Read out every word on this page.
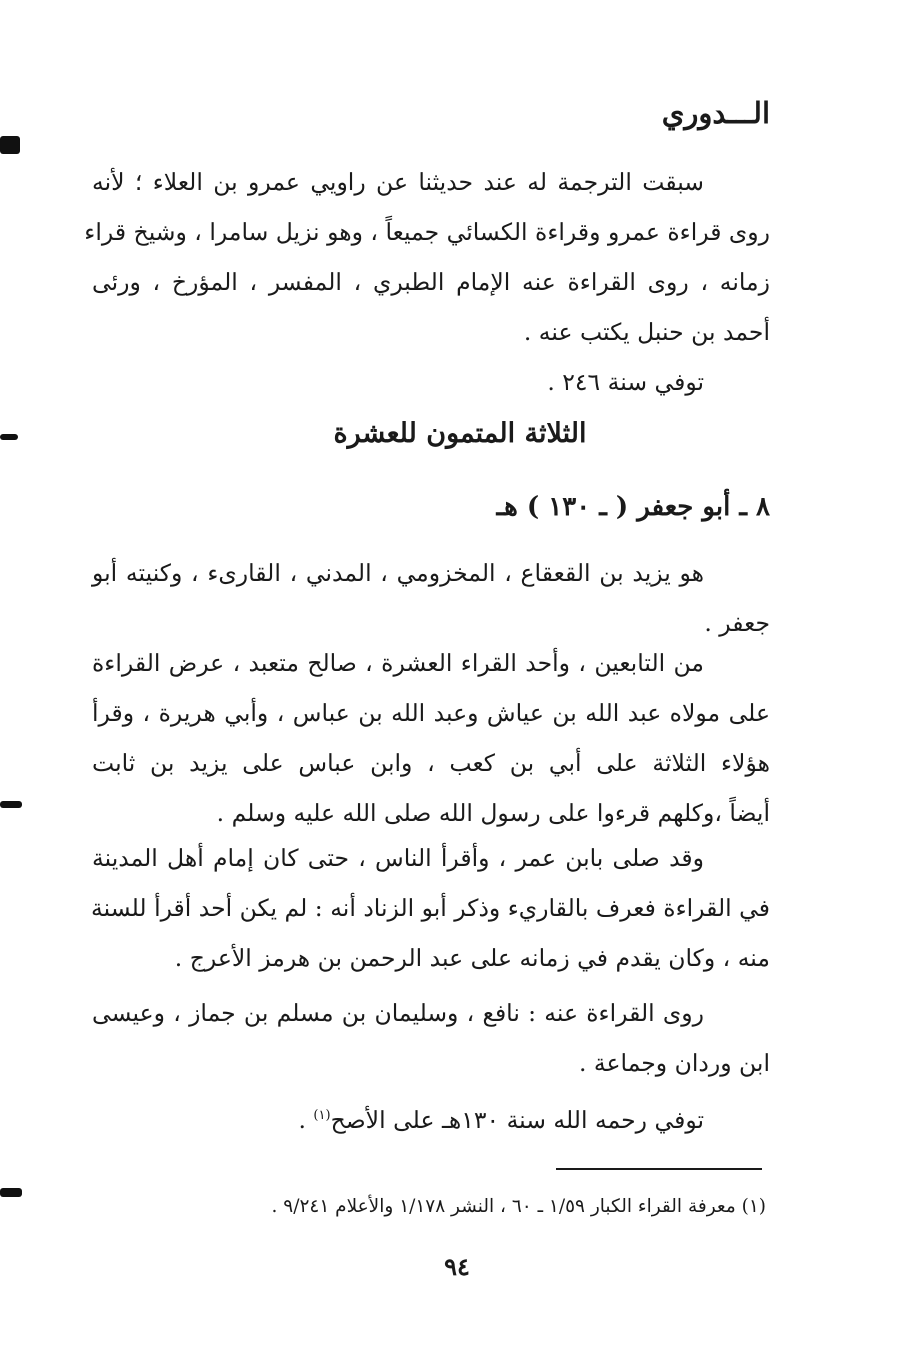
الـــدوري
سبقت الترجمة له عند حديثنا عن راويي عمرو بن العلاء ؛ لأنه
روى قراءة عمرو وقراءة الكسائي جميعاً ، وهو نزيل سامرا ، وشيخ قراء
زمانه ، روى القراءة عنه الإمام الطبري ، المفسر ، المؤرخ ، ورئى
أحمد بن حنبل يكتب عنه .
توفي سنة ٢٤٦ .
الثلاثة المتمون للعشرة
٨ ـ أبو جعفر ( ـ ١٣٠ ) هـ
هو يزيد بن القعقاع ، المخزومي ، المدني ، القارىء ، وكنيته أبو
جعفر .
من التابعين ، وأحد القراء العشرة ، صالح متعبد ، عرض القراءة
على مولاه عبد الله بن عياش وعبد الله بن عباس ، وأبي هريرة ، وقرأ
هؤلاء الثلاثة على أبي بن كعب ، وابن عباس على يزيد بن ثابت
أيضاً ،وكلهم قرءوا على رسول الله صلى الله عليه وسلم .
وقد صلى بابن عمر ، وأقرأ الناس ، حتى كان إمام أهل المدينة
في القراءة فعرف بالقاريء وذكر أبو الزناد أنه : لم يكن أحد أقرأ للسنة
منه ، وكان يقدم في زمانه على عبد الرحمن بن هرمز الأعرج .
روى القراءة عنه : نافع ، وسليمان بن مسلم بن جماز ، وعيسى
ابن وردان وجماعة .
توفي رحمه الله سنة ١٣٠هـ على الأصح$^{(١)}$ .
(١) معرفة القراء الكبار ١/٥٩ ـ ٦٠ ، النشر ١/١٧٨ والأعلام ٩/٢٤١ .
٩٤
